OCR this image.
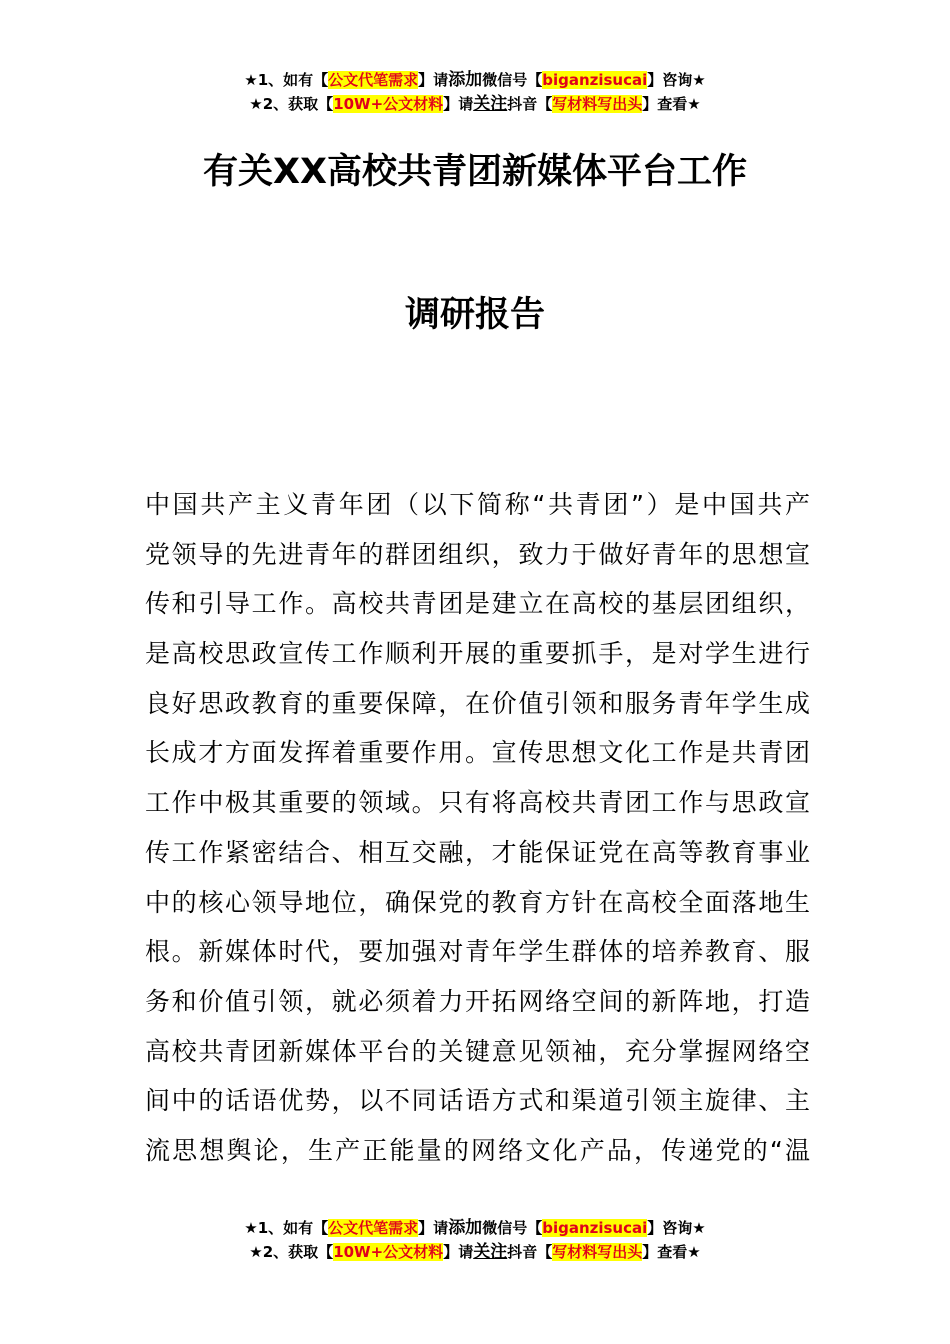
★1、如有【公文代笔需求】请添加微信号【biganzisucai】咨询★
★2、获取【10W+公文材料】请关注抖音【写材料写出头】查看★
有关XX高校共青团新媒体平台工作
调研报告
中国共产主义青年团（以下简称“共青团”）是中国共产
党领导的先进青年的群团组织，致力于做好青年的思想宣
传和引导工作。高校共青团是建立在高校的基层团组织，
是高校思政宣传工作顺利开展的重要抓手，是对学生进行
良好思政教育的重要保障，在价值引领和服务青年学生成
长成才方面发挥着重要作用。宣传思想文化工作是共青团
工作中极其重要的领域。只有将高校共青团工作与思政宣
传工作紧密结合、相互交融，才能保证党在高等教育事业
中的核心领导地位，确保党的教育方针在高校全面落地生
根。新媒体时代，要加强对青年学生群体的培养教育、服
务和价值引领，就必须着力开拓网络空间的新阵地，打造
高校共青团新媒体平台的关键意见领袖，充分掌握网络空
间中的话语优势，以不同话语方式和渠道引领主旋律、主
流思想舆论，生产正能量的网络文化产品，传递党的“温
★1、如有【公文代笔需求】请添加微信号【biganzisucai】咨询★
★2、获取【10W+公文材料】请关注抖音【写材料写出头】查看★
